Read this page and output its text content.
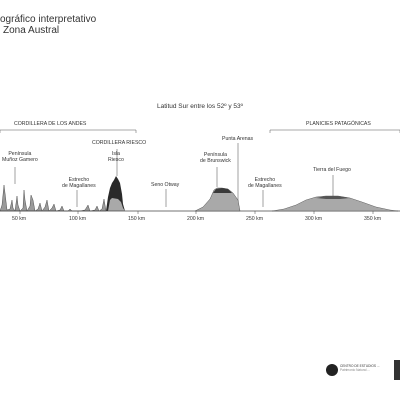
ográfico interpretativo
Zona Austral
Latitud Sur entre los 52º y 53º
CORDILLERA DE LOS ANDES	PLANICIES PATAGÓNICAS
Península
Muñoz Gamero
Estrecho
de Magallanes
CORDILLERA RIESCO
Isla
Riesco
Seno Otway
Península
de Brunswick
Punta Arenas
Estrecho
de Magallanes
Tierra del Fuego
50 km	100 km	150 km	200 km	250 km	300 km	350 km
CENTRO DE ESTUDIOS ...
Patrimonio Natural ...
